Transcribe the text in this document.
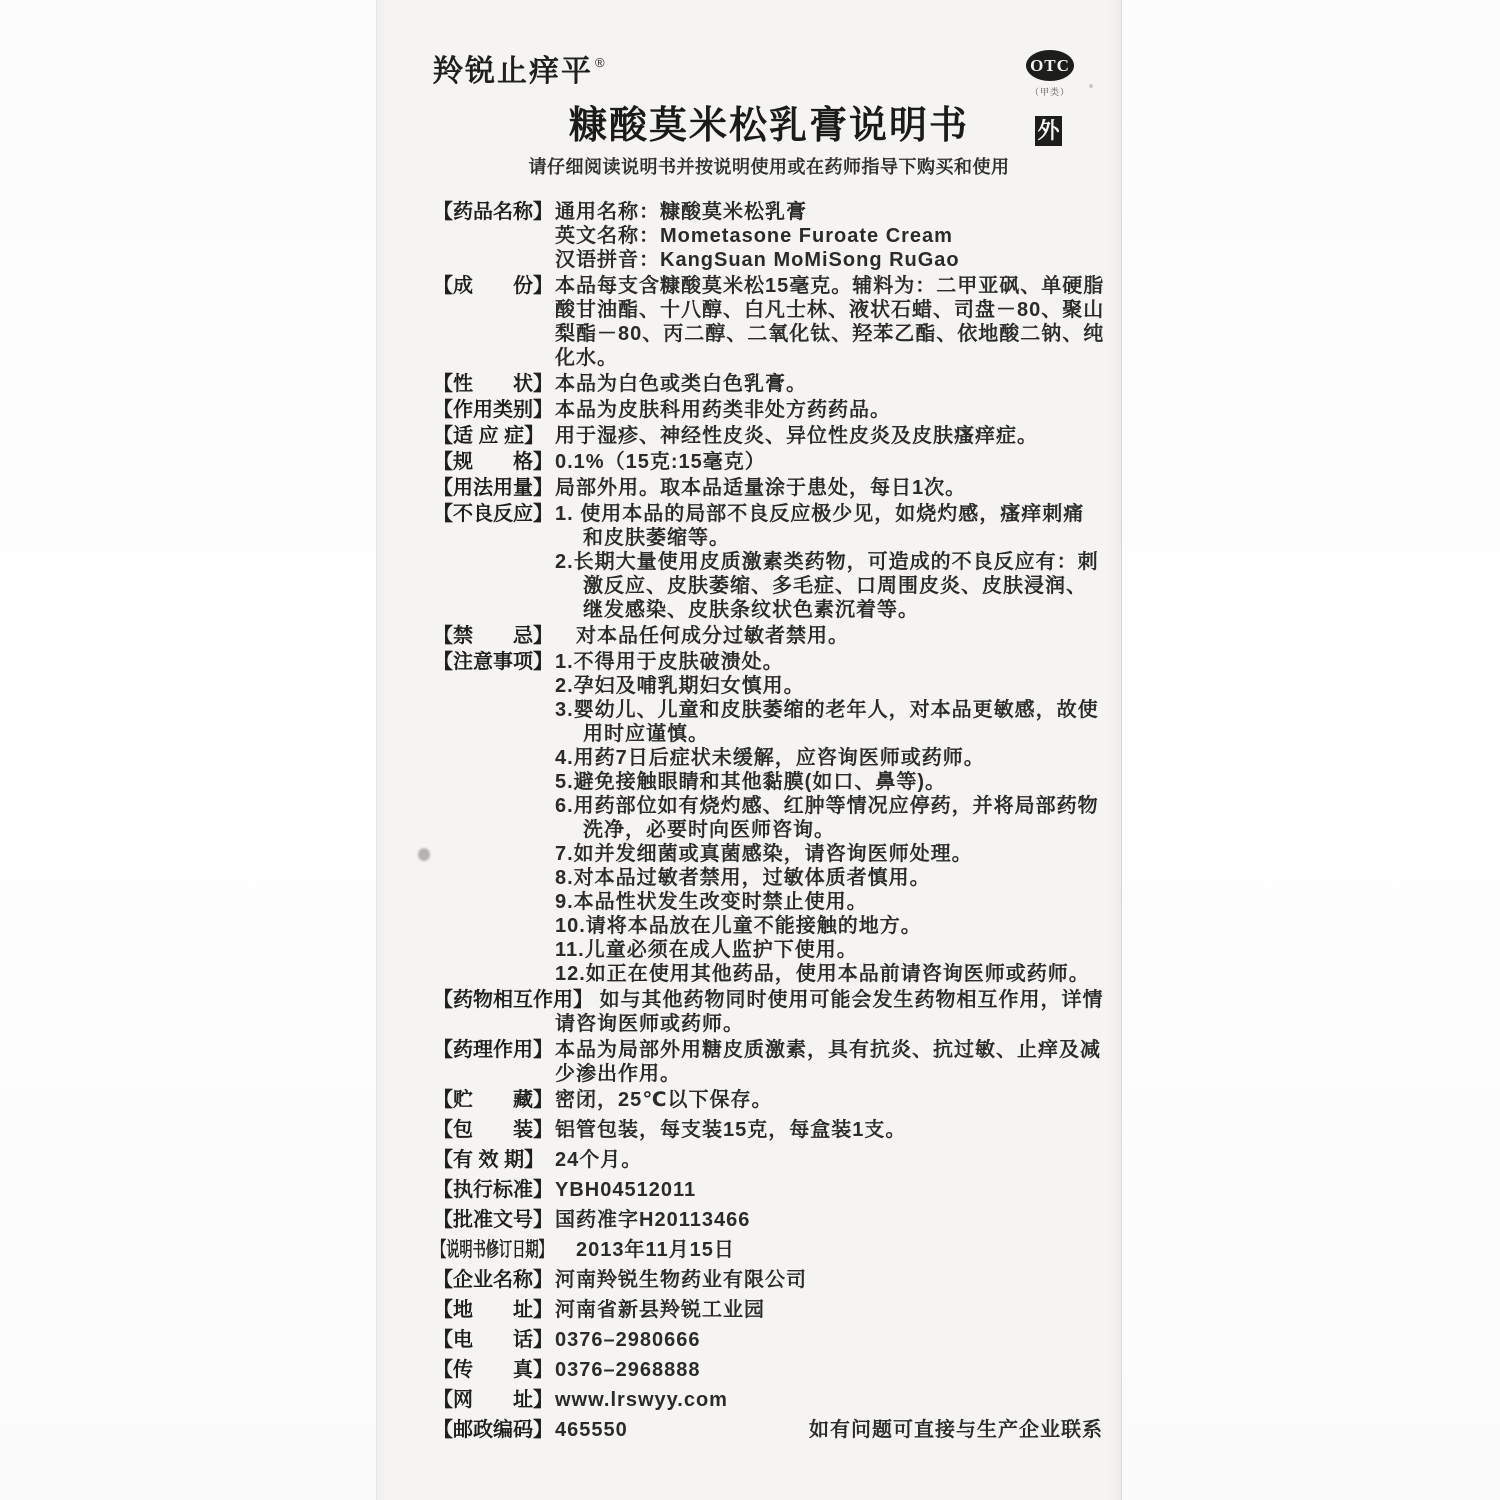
羚锐止痒平 ®	OTC
（甲类）
糠酸莫米松乳膏说明书	外
请仔细阅读说明书并按说明使用或在药师指导下购买和使用
【药品名称】 通用名称：糠酸莫米松乳膏
英文名称：Mometasone Furoate Cream
汉语拼音：KangSuan MoMiSong RuGao
【成　　份】 本品每支含糠酸莫米松15毫克。辅料为：二甲亚砜、单硬脂酸甘油酯、十八醇、白凡士林、液状石蜡、司盘－80、聚山梨酯－80、丙二醇、二氧化钛、羟苯乙酯、依地酸二钠、纯化水。
【性　　状】 本品为白色或类白色乳膏。
【作用类别】 本品为皮肤科用药类非处方药药品。
【适 应 症】 用于湿疹、神经性皮炎、异位性皮炎及皮肤瘙痒症。
【规　　格】 0.1%（15克:15毫克）
【用法用量】 局部外用。取本品适量涂于患处，每日1次。
【不良反应】 1. 使用本品的局部不良反应极少见，如烧灼感，瘙痒刺痛和皮肤萎缩等。
2.长期大量使用皮质激素类药物，可造成的不良反应有：刺激反应、皮肤萎缩、多毛症、口周围皮炎、皮肤浸润、继发感染、皮肤条纹状色素沉着等。
【禁　　忌】 　对本品任何成分过敏者禁用。
【注意事项】 1.不得用于皮肤破溃处。
2.孕妇及哺乳期妇女慎用。
3.婴幼儿、儿童和皮肤萎缩的老年人，对本品更敏感，故使用时应谨慎。
4.用药7日后症状未缓解，应咨询医师或药师。
5.避免接触眼睛和其他黏膜(如口、鼻等)。
6.用药部位如有烧灼感、红肿等情况应停药，并将局部药物洗净，必要时向医师咨询。
7.如并发细菌或真菌感染，请咨询医师处理。
8.对本品过敏者禁用，过敏体质者慎用。
9.本品性状发生改变时禁止使用。
10.请将本品放在儿童不能接触的地方。
11.儿童必须在成人监护下使用。
12.如正在使用其他药品，使用本品前请咨询医师或药师。
【药物相互作用】 如与其他药物同时使用可能会发生药物相互作用，详情请咨询医师或药师。
【药理作用】 本品为局部外用糖皮质激素，具有抗炎、抗过敏、止痒及减少渗出作用。
【贮　　藏】 密闭，25℃以下保存。
【包　　装】 铝管包装，每支装15克，每盒装1支。
【有 效 期】 24个月。
【执行标准】 YBH04512011
【批准文号】 国药准字H20113466
【说明书修订日期】 　2013年11月15日
【企业名称】 河南羚锐生物药业有限公司
【地　　址】 河南省新县羚锐工业园
【电　　话】 0376–2980666
【传　　真】 0376–2968888
【网　　址】 www.lrswyy.com
【邮政编码】 465550	如有问题可直接与生产企业联系
